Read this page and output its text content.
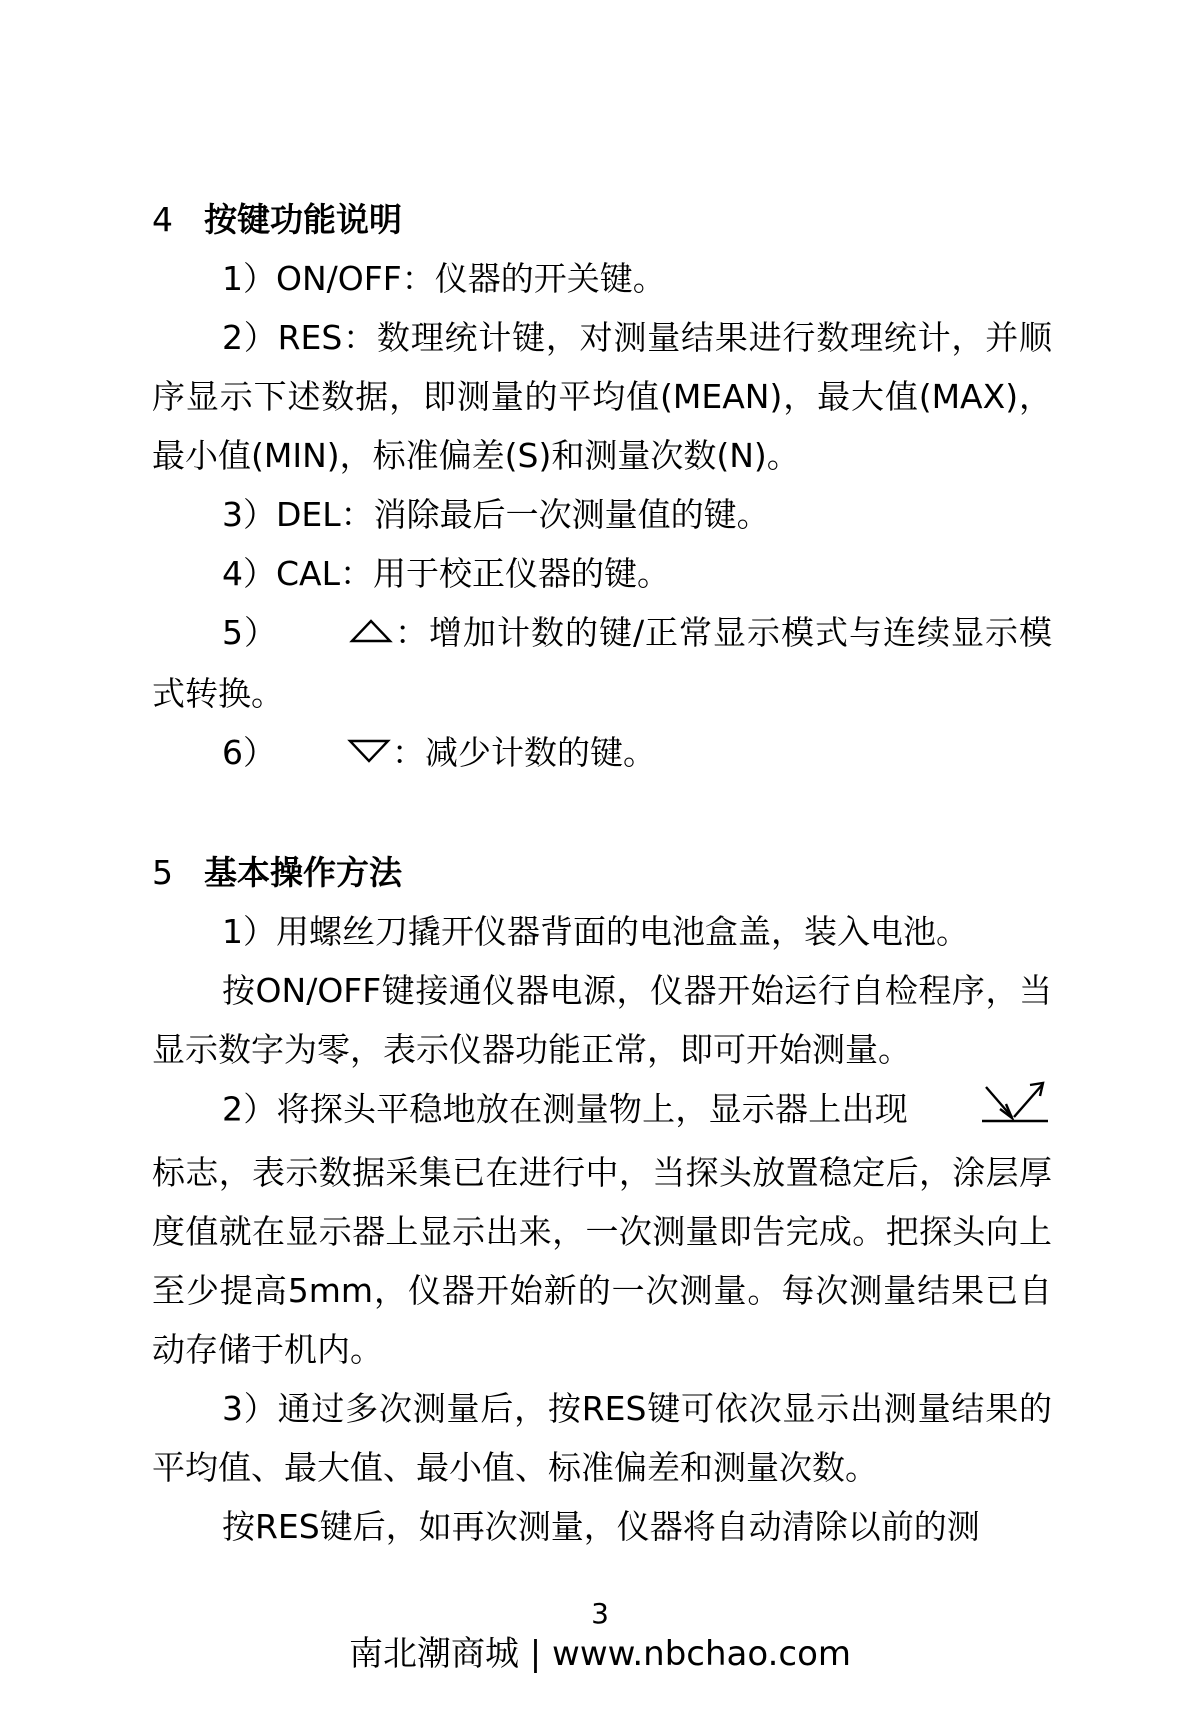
4 按键功能说明

1）ON/OFF：仪器的开关键。

2）RES：数理统计键，对测量结果进行数理统计，并顺序显示下述数据，即测量的平均值(MEAN)，最大值(MAX)，最小值(MIN)，标准偏差(S)和测量次数(N)。

3）DEL：消除最后一次测量值的键。

4）CAL：用于校正仪器的键。

5）	：增加计数的键/正常显示模式与连续显示模式转换。

6）	：减少计数的键。

5 基本操作方法

1）用螺丝刀撬开仪器背面的电池盒盖，装入电池。

按ON/OFF键接通仪器电源，仪器开始运行自检程序，当显示数字为零，表示仪器功能正常，即可开始测量。

2）将探头平稳地放在测量物上，显示器上出现标志，表示数据采集已在进行中，当探头放置稳定后，涂层厚度值就在显示器上显示出来，一次测量即告完成。把探头向上至少提高5mm，仪器开始新的一次测量。每次测量结果已自动存储于机内。

3）通过多次测量后，按RES键可依次显示出测量结果的平均值、最大值、最小值、标准偏差和测量次数。

按RES键后，如再次测量，仪器将自动清除以前的测

3
南北潮商城 | www.nbchao.com
